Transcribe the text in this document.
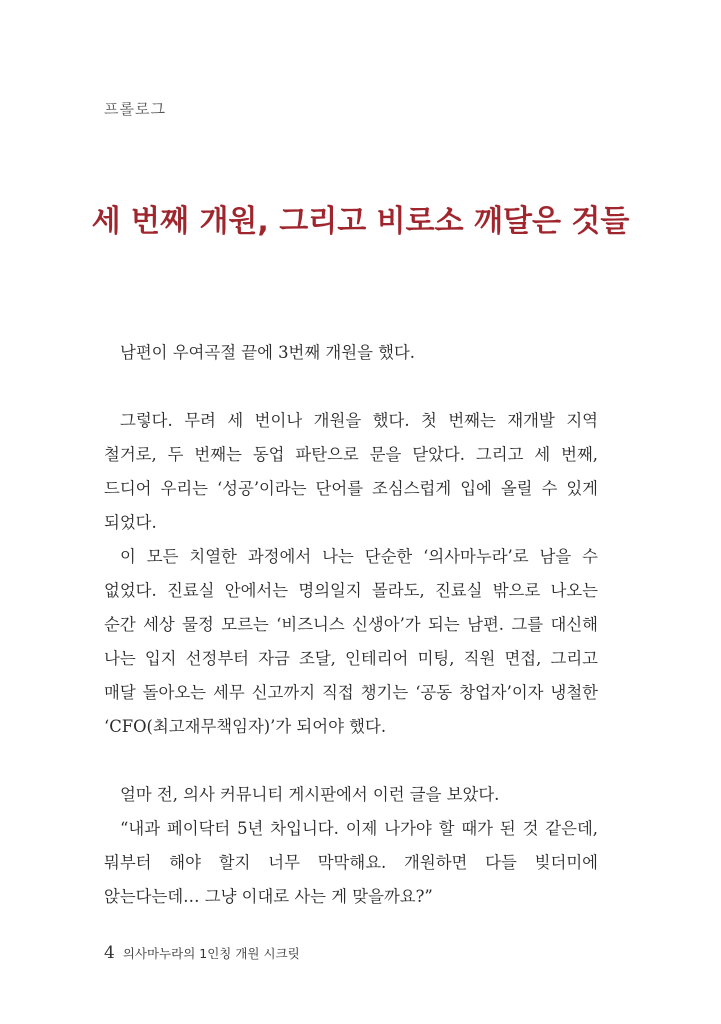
프롤로그
세 번째 개원, 그리고 비로소 깨달은 것들

남편이 우여곡절 끝에 3번째 개원을 했다.

그렇다. 무려 세 번이나 개원을 했다. 첫 번째는 재개발 지역 철거로, 두 번째는 동업 파탄으로 문을 닫았다. 그리고 세 번째, 드디어 우리는 ‘성공’이라는 단어를 조심스럽게 입에 올릴 수 있게 되었다.

이 모든 치열한 과정에서 나는 단순한 ‘의사마누라’로 남을 수 없었다. 진료실 안에서는 명의일지 몰라도, 진료실 밖으로 나오는 순간 세상 물정 모르는 ‘비즈니스 신생아’가 되는 남편. 그를 대신해 나는 입지 선정부터 자금 조달, 인테리어 미팅, 직원 면접, 그리고 매달 돌아오는 세무 신고까지 직접 챙기는 ‘공동 창업자’이자 냉철한 ‘CFO(최고재무책임자)’가 되어야 했다.

얼마 전, 의사 커뮤니티 게시판에서 이런 글을 보았다.

“내과 페이닥터 5년 차입니다. 이제 나가야 할 때가 된 것 같은데, 뭐부터 해야 할지 너무 막막해요. 개원하면 다들 빚더미에 앉는다는데… 그냥 이대로 사는 게 맞을까요?”

4 의사마누라의 1인칭 개원 시크릿
